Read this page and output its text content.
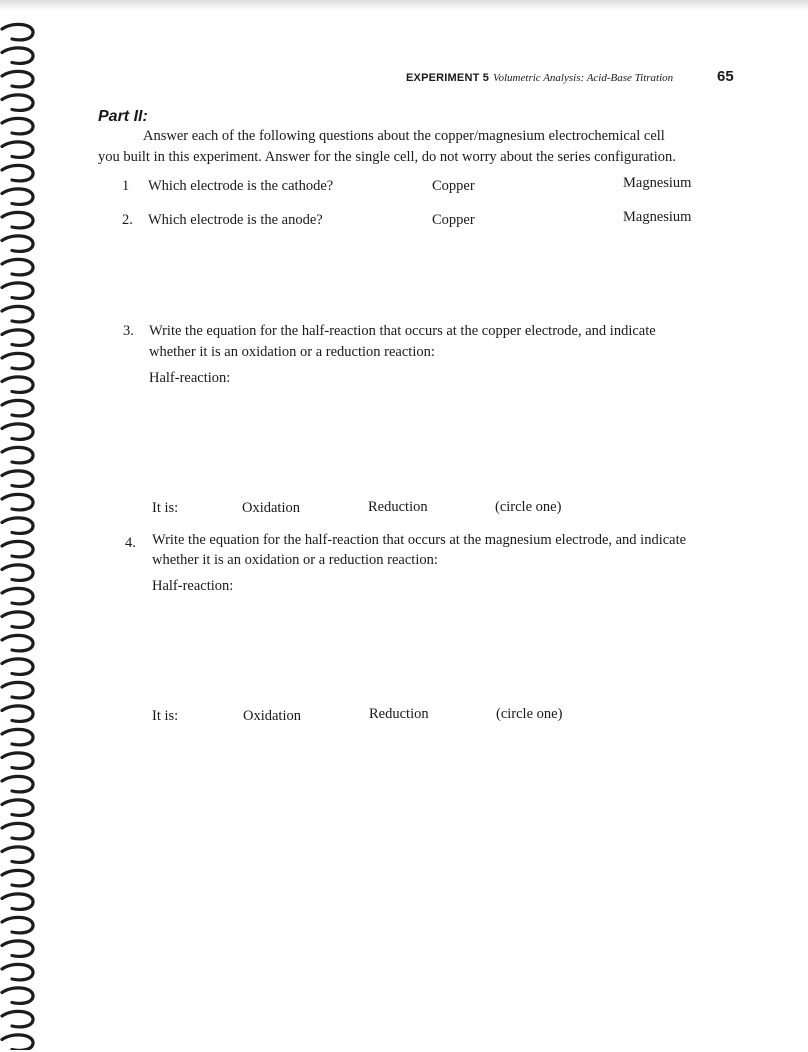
EXPERIMENT 5 Volumetric Analysis: Acid-Base Titration	65
Part II:
Answer each of the following questions about the copper/magnesium electrochemical cell
you built in this experiment. Answer for the single cell, do not worry about the series configuration.
1 Which electrode is the cathode?	Copper	Magnesium
2. Which electrode is the anode?	Copper	Magnesium
3. Write the equation for the half-reaction that occurs at the copper electrode, and indicate
whether it is an oxidation or a reduction reaction:
Half-reaction:
It is:	Oxidation	Reduction	(circle one)
4. Write the equation for the half-reaction that occurs at the magnesium electrode, and indicate
whether it is an oxidation or a reduction reaction:
Half-reaction:
It is:	Oxidation	Reduction	(circle one)
